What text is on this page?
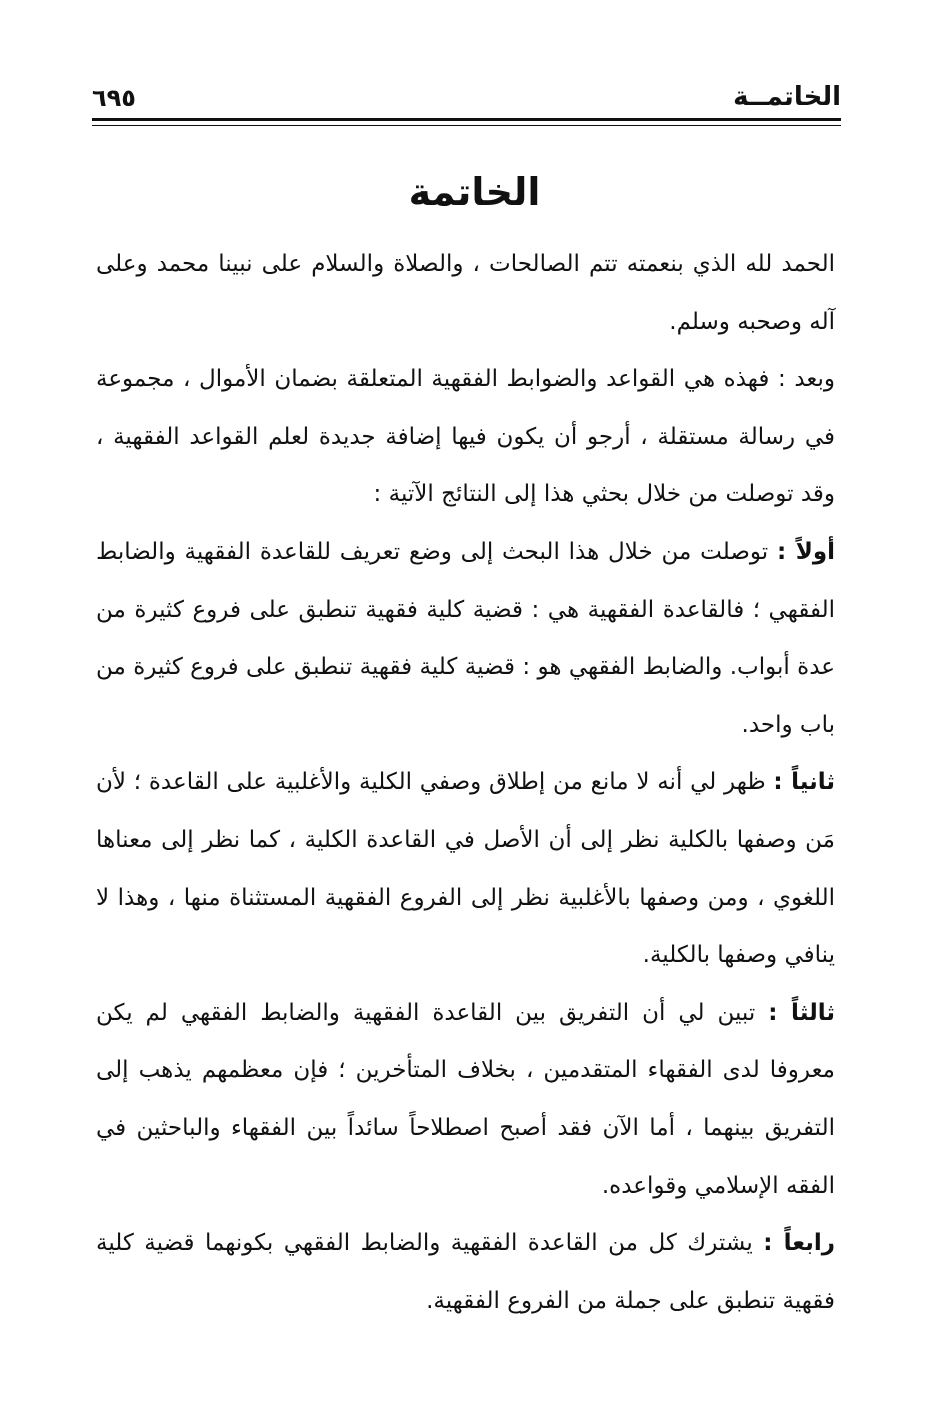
الخاتمــة
٦٩٥
الخاتمة

الحمد لله الذي بنعمته تتم الصالحات ، والصلاة والسلام على نبينا محمد وعلى آله وصحبه وسلم.

وبعد : فهذه هي القواعد والضوابط الفقهية المتعلقة بضمان الأموال ، مجموعة في رسالة مستقلة ، أرجو أن يكون فيها إضافة جديدة لعلم القواعد الفقهية ، وقد توصلت من خلال بحثي هذا إلى النتائج الآتية :

أولاً : توصلت من خلال هذا البحث إلى وضع تعريف للقاعدة الفقهية والضابط الفقهي ؛ فالقاعدة الفقهية هي : قضية كلية فقهية تنطبق على فروع كثيرة من عدة أبواب. والضابط الفقهي هو : قضية كلية فقهية تنطبق على فروع كثيرة من باب واحد.

ثانياً : ظهر لي أنه لا مانع من إطلاق وصفي الكلية والأغلبية على القاعدة ؛ لأن مَن وصفها بالكلية نظر إلى أن الأصل في القاعدة الكلية ، كما نظر إلى معناها اللغوي ، ومن وصفها بالأغلبية نظر إلى الفروع الفقهية المستثناة منها ، وهذا لا ينافي وصفها بالكلية.

ثالثاً : تبين لي أن التفريق بين القاعدة الفقهية والضابط الفقهي لم يكن معروفا لدى الفقهاء المتقدمين ، بخلاف المتأخرين ؛ فإن معظمهم يذهب إلى التفريق بينهما ، أما الآن فقد أصبح اصطلاحاً سائداً بين الفقهاء والباحثين في الفقه الإسلامي وقواعده.

رابعاً : يشترك كل من القاعدة الفقهية والضابط الفقهي بكونهما قضية كلية فقهية تنطبق على جملة من الفروع الفقهية.
